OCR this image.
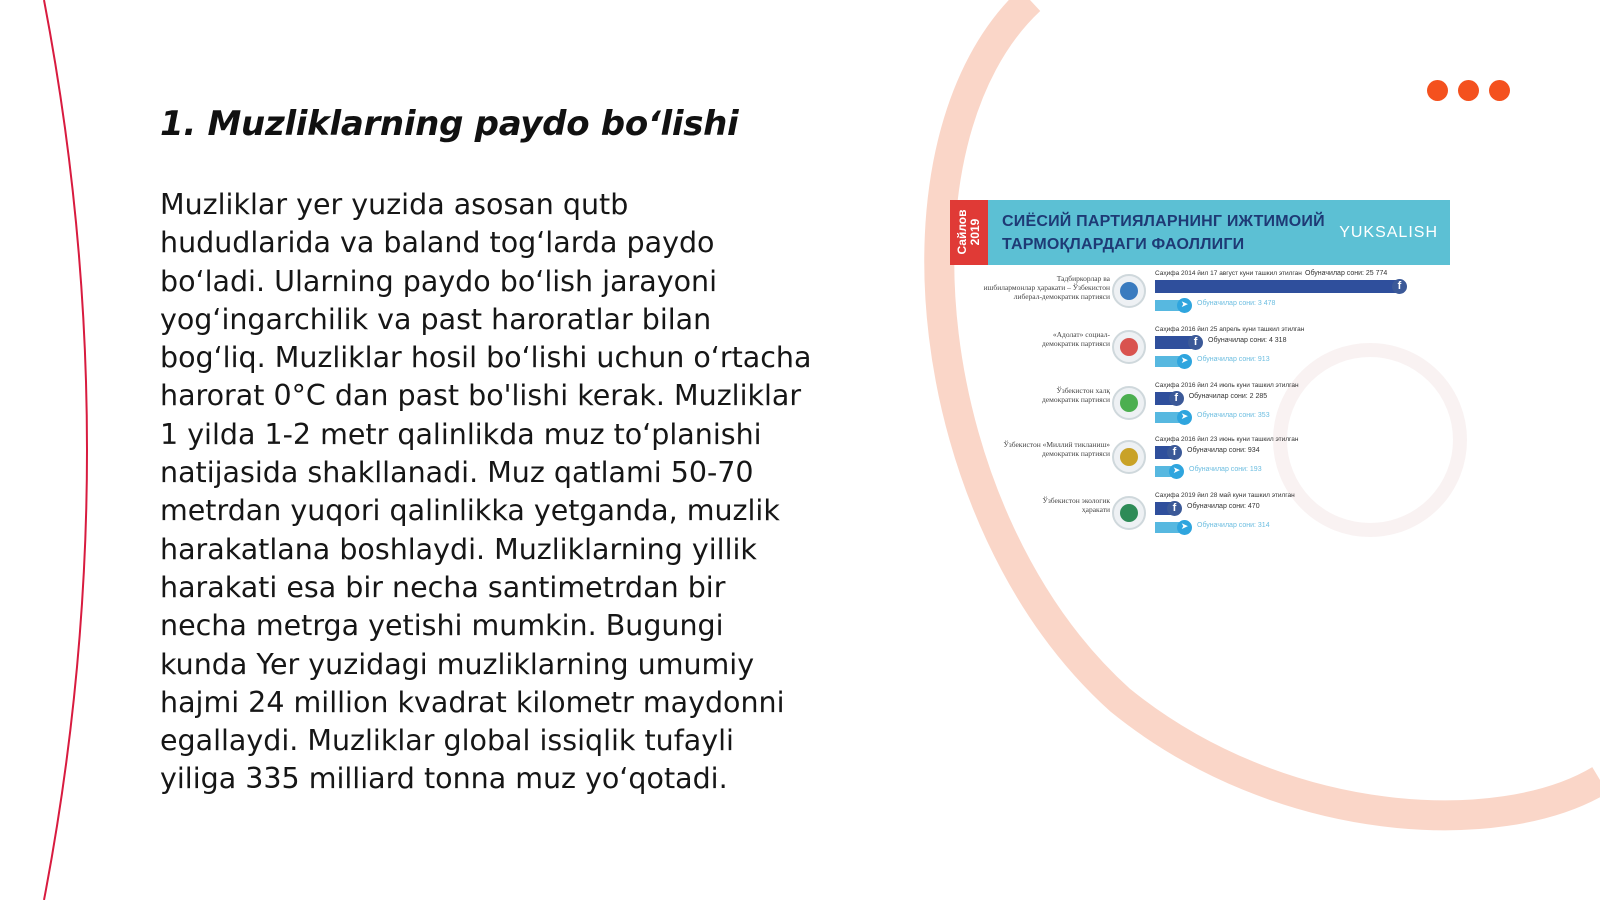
1. Muzliklarning paydo bo‘lishi

Muzliklar yer yuzida asosan qutb
hududlarida va baland tog‘larda paydo
bo‘ladi. Ularning paydo bo‘lish jarayoni
yog‘ingarchilik va past haroratlar bilan
bog‘liq. Muzliklar hosil bo‘lishi uchun o‘rtacha
harorat 0°C dan past bo'lishi kerak. Muzliklar
1 yilda 1-2 metr qalinlikda muz to‘planishi
natijasida shakllanadi. Muz qatlami 50-70
metrdan yuqori qalinlikka yetganda, muzlik
harakatlana boshlaydi. Muzliklarning yillik
harakati esa bir necha santimetrdan bir
necha metrga yetishi mumkin. Bugungi
kunda Yer yuzidagi muzliklarning umumiy
hajmi 24 million kvadrat kilometr maydonni
egallaydi. Muzliklar global issiqlik tufayli
yiliga 335 milliard tonna muz yo‘qotadi.

Сайлов 2019 СИЁСИЙ ПАРТИЯЛАРНИНГ ИЖТИМОИЙ
ТАРМОҚЛАРДАГИ ФАОЛЛИГИ
YUKSALISH
Тадбиркорлар ва
ишбилармонлар ҳаракати – Ўзбекистон
либерал-демократик партияси
Саҳифа 2014 йил 17 август куни ташкил этилган
f
Обуначилар сони: 25 774
➤	Обуначилар сони: 3 478
«Адолат» социал-
демократик партияси
Саҳифа 2016 йил 25 апрель куни ташкил этилган
f	Обуначилар сони: 4 318
➤	Обуначилар сони: 913
Ўзбекистон халқ
демократик партияси
Саҳифа 2016 йил 24 июль куни ташкил этилган
f	Обуначилар сони: 2 285
➤	Обуначилар сони: 353
Ўзбекистон «Миллий тикланиш»
демократик партияси
Саҳифа 2016 йил 23 июнь куни ташкил этилган
f	Обуначилар сони: 934
➤	Обуначилар сони: 193
Ўзбекистон экологик
ҳаракати
Саҳифа 2019 йил 28 май куни ташкил этилган
f	Обуначилар сони: 470
➤	Обуначилар сони: 314
